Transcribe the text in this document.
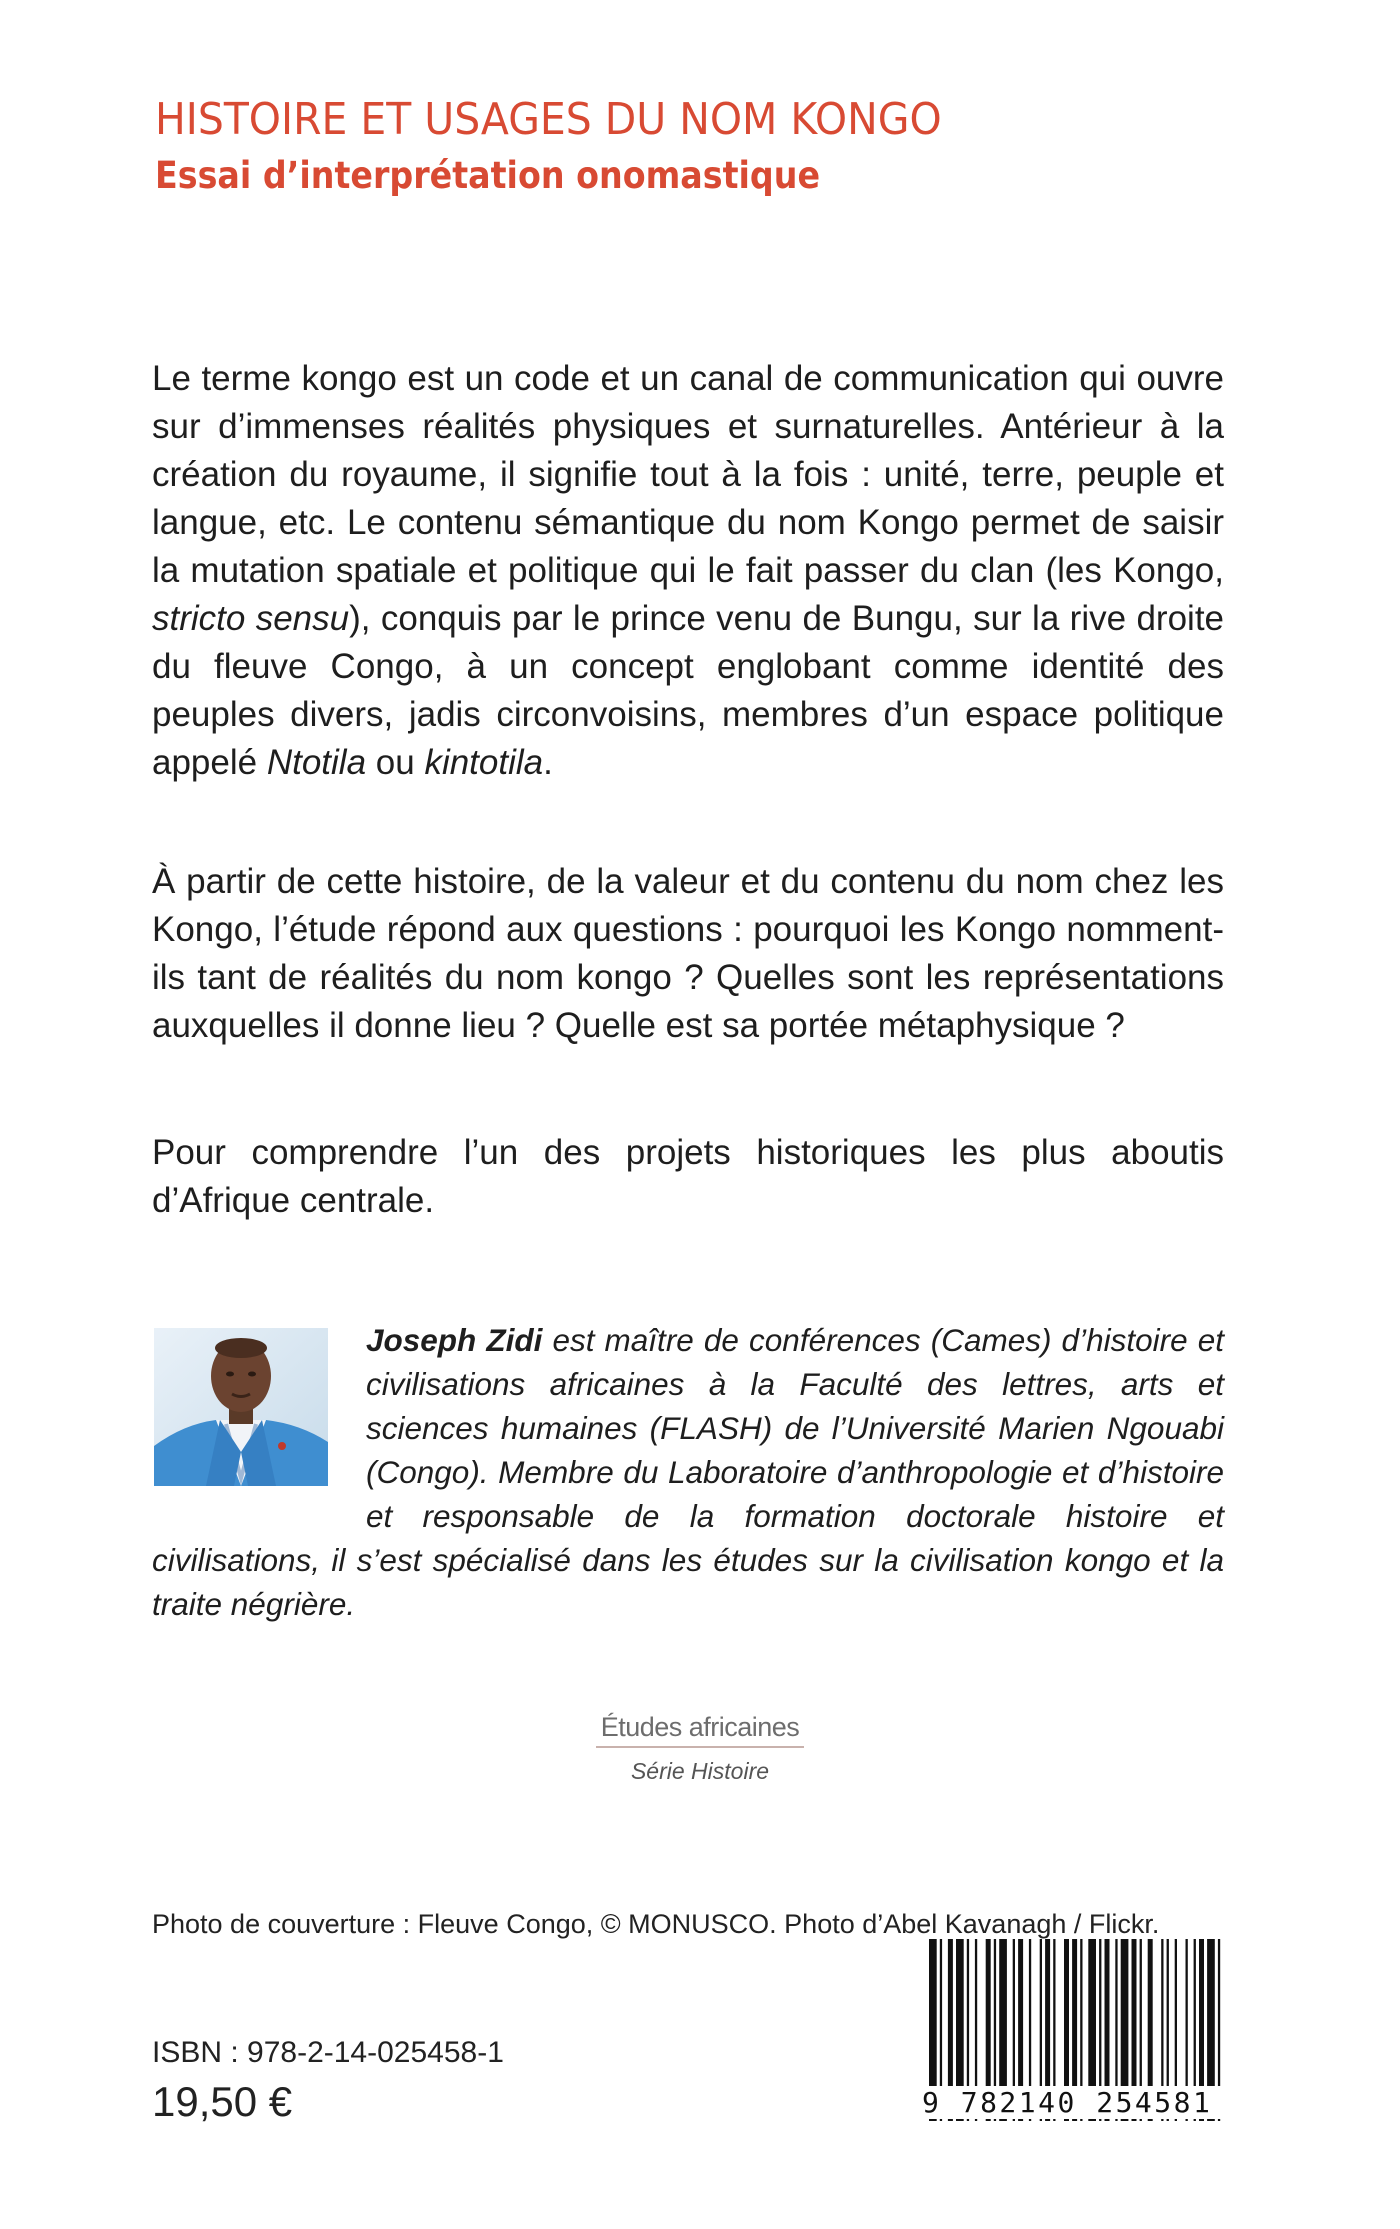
HISTOIRE ET USAGES DU NOM KONGO
Essai d’interprétation onomastique

Le terme kongo est un code et un canal de communication qui ouvre sur d’immenses réalités physiques et surnaturelles. Antérieur à la création du royaume, il signifie tout à la fois : unité, terre, peuple et langue, etc. Le contenu sémantique du nom Kongo permet de saisir la mutation spatiale et politique qui le fait passer du clan (les Kongo, stricto sensu), conquis par le prince venu de Bungu, sur la rive droite du fleuve Congo, à un concept englobant comme identité des peuples divers, jadis circonvoisins, membres d’un espace politique appelé Ntotila ou kintotila.

À partir de cette histoire, de la valeur et du contenu du nom chez les Kongo, l’étude répond aux questions : pourquoi les Kongo nomment-ils tant de réalités du nom kongo ? Quelles sont les représentations auxquelles il donne lieu ? Quelle est sa portée métaphysique ?

Pour comprendre l’un des projets historiques les plus aboutis d’Afrique centrale.

Joseph Zidi est maître de conférences (Cames) d’histoire et civilisations africaines à la Faculté des lettres, arts et sciences humaines (FLASH) de l’Université Marien Ngouabi (Congo). Membre du Laboratoire d’anthropologie et d’histoire et responsable de la formation doctorale histoire et civilisations, il s’est spécialisé dans les études sur la civilisation kongo et la traite négrière.

Études africaines
Série Histoire

Photo de couverture : Fleuve Congo, © MONUSCO. Photo d’Abel Kavanagh / Flickr.

ISBN : 978-2-14-025458-1

19,50 €	9 782140 254581
